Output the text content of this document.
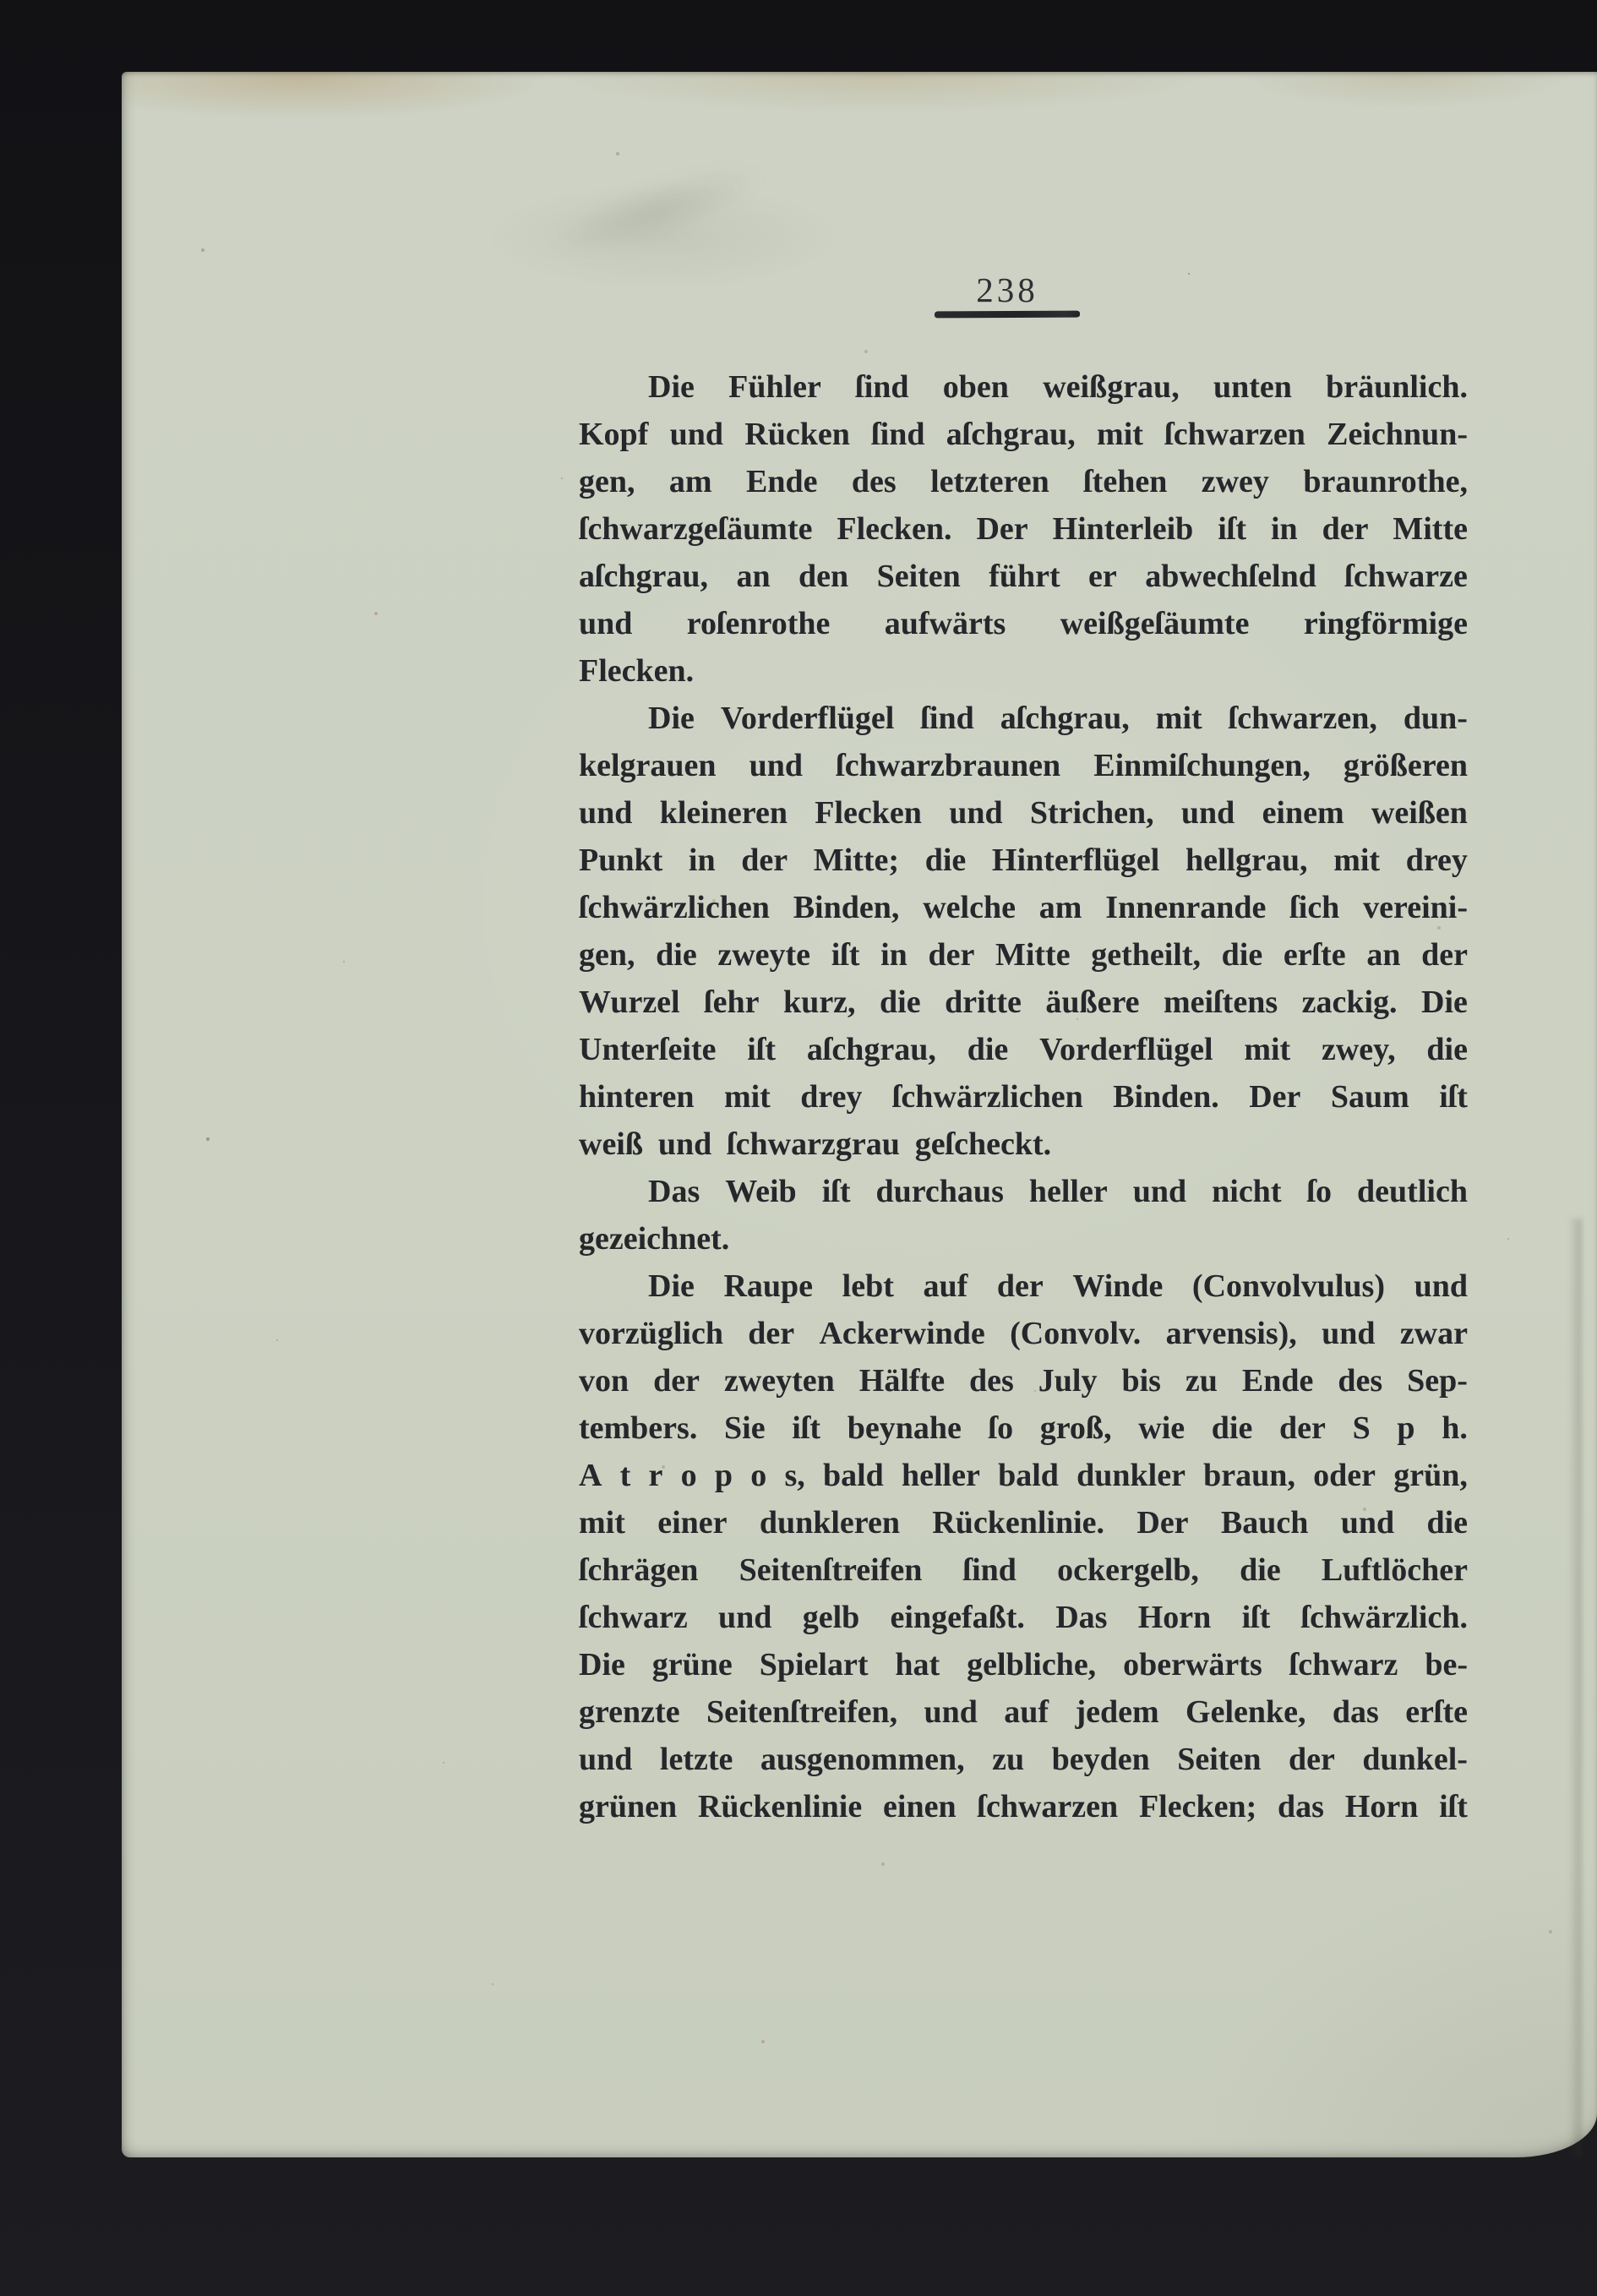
238
Die Fühler ſind oben weißgrau, unten bräunlich.
Kopf und Rücken ſind aſchgrau, mit ſchwarzen Zeichnun-
gen, am Ende des letzteren ſtehen zwey braunrothe,
ſchwarzgeſäumte Flecken. Der Hinterleib iſt in der Mitte
aſchgrau, an den Seiten führt er abwechſelnd ſchwarze
und roſenrothe aufwärts weißgeſäumte ringförmige
Flecken.
Die Vorderflügel ſind aſchgrau, mit ſchwarzen, dun-
kelgrauen und ſchwarzbraunen Einmiſchungen, größeren
und kleineren Flecken und Strichen, und einem weißen
Punkt in der Mitte; die Hinterflügel hellgrau, mit drey
ſchwärzlichen Binden, welche am Innenrande ſich vereini-
gen, die zweyte iſt in der Mitte getheilt, die erſte an der
Wurzel ſehr kurz, die dritte äußere meiſtens zackig. Die
Unterſeite iſt aſchgrau, die Vorderflügel mit zwey, die
hinteren mit drey ſchwärzlichen Binden. Der Saum iſt
weiß und ſchwarzgrau geſcheckt.
Das Weib iſt durchaus heller und nicht ſo deutlich
gezeichnet.
Die Raupe lebt auf der Winde (Convolvulus) und
vorzüglich der Ackerwinde (Convolv. arvensis), und zwar
von der zweyten Hälfte des July bis zu Ende des Sep-
tembers. Sie iſt beynahe ſo groß, wie die der S p h.
A t r o p o s, bald heller bald dunkler braun, oder grün,
mit einer dunkleren Rückenlinie. Der Bauch und die
ſchrägen Seitenſtreifen ſind ockergelb, die Luftlöcher
ſchwarz und gelb eingefaßt. Das Horn iſt ſchwärzlich.
Die grüne Spielart hat gelbliche, oberwärts ſchwarz be-
grenzte Seitenſtreifen, und auf jedem Gelenke, das erſte
und letzte ausgenommen, zu beyden Seiten der dunkel-
grünen Rückenlinie einen ſchwarzen Flecken; das Horn iſt
